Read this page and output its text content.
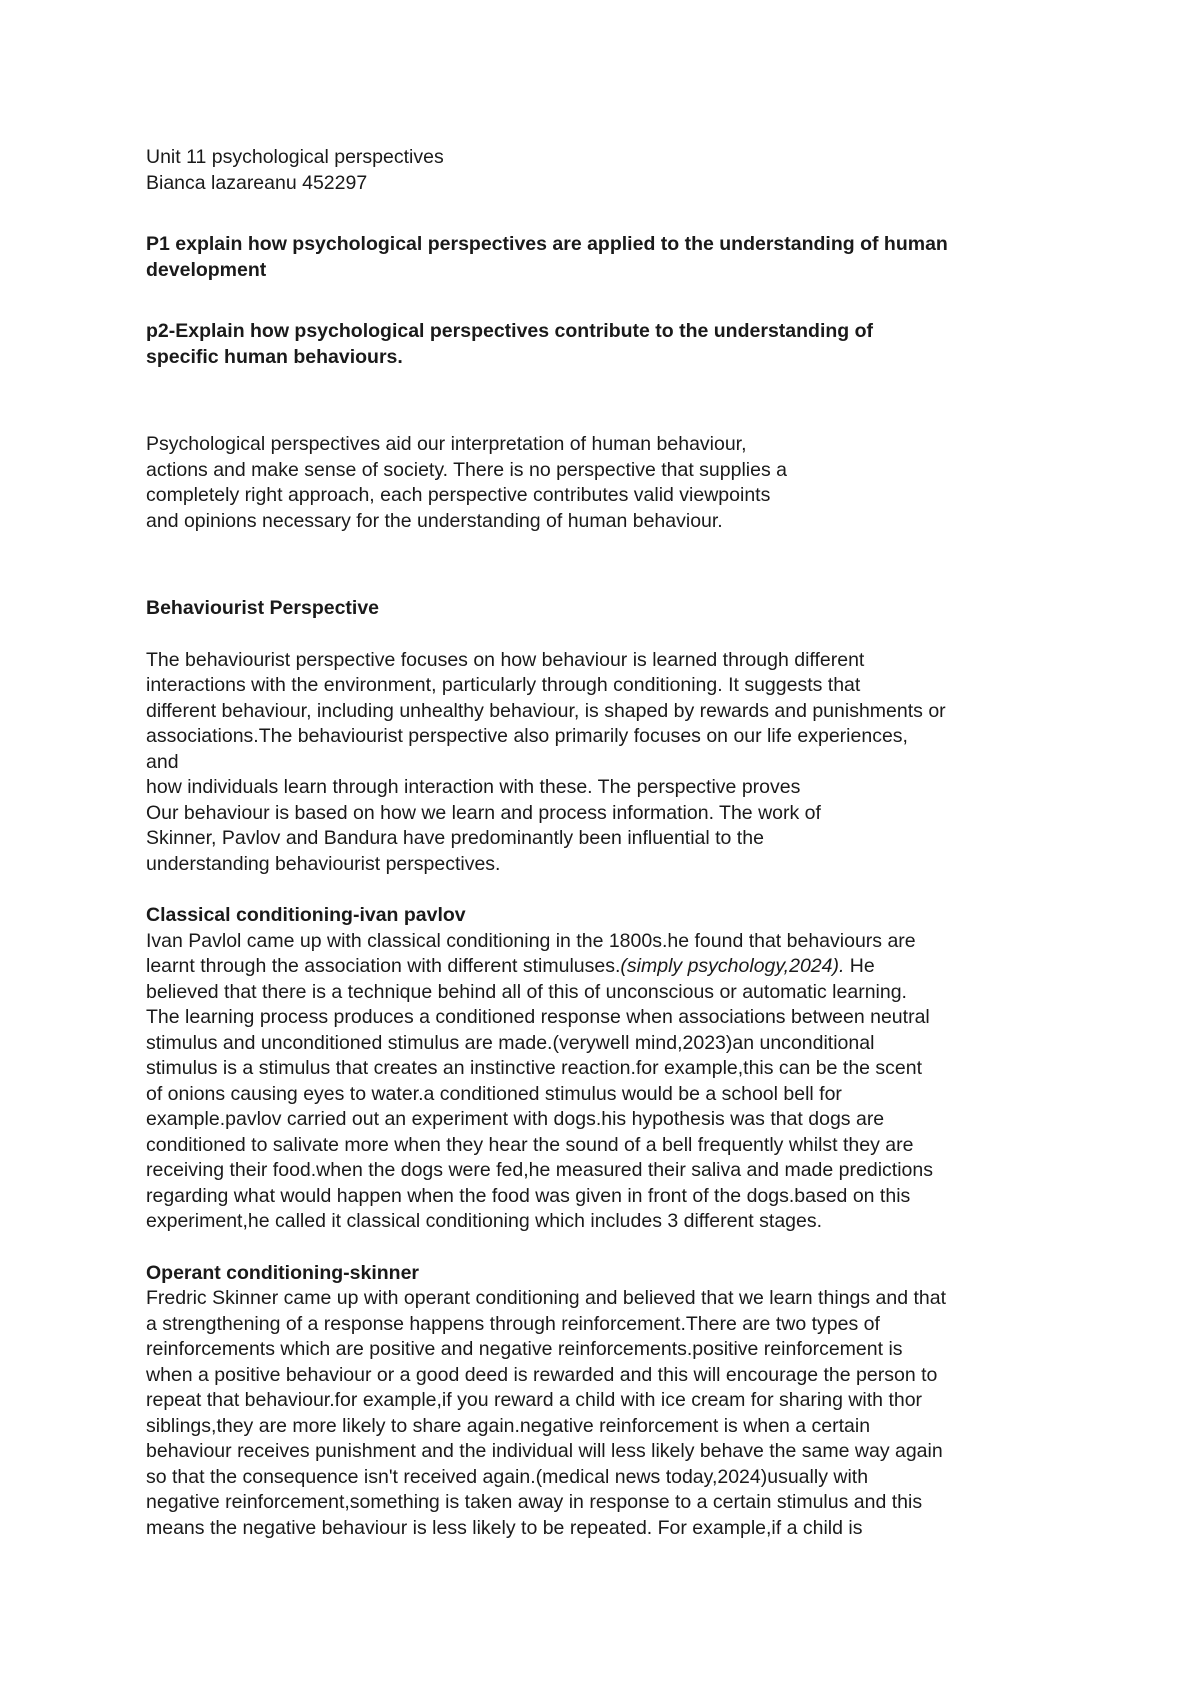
Unit 11 psychological perspectives
Bianca lazareanu 452297
P1 explain how psychological perspectives are applied to the understanding of human
development
p2-Explain how psychological perspectives contribute to the understanding of
specific human behaviours.
Psychological perspectives aid our interpretation of human behaviour,
actions and make sense of society. There is no perspective that supplies a
completely right approach, each perspective contributes valid viewpoints
and opinions necessary for the understanding of human behaviour.
Behaviourist Perspective
The behaviourist perspective focuses on how behaviour is learned through different
interactions with the environment, particularly through conditioning. It suggests that
different behaviour, including unhealthy behaviour, is shaped by rewards and punishments or
associations.The behaviourist perspective also primarily focuses on our life experiences,
and
how individuals learn through interaction with these. The perspective proves
Our behaviour is based on how we learn and process information. The work of
Skinner, Pavlov and Bandura have predominantly been influential to the
understanding behaviourist perspectives.
Classical conditioning-ivan pavlov
Ivan Pavlol came up with classical conditioning in the 1800s.he found that behaviours are
learnt through the association with different stimuluses.(simply psychology,2024). He
believed that there is a technique behind all of this of unconscious or automatic learning.
The learning process produces a conditioned response when associations between neutral
stimulus and unconditioned stimulus are made.(verywell mind,2023)an unconditional
stimulus is a stimulus that creates an instinctive reaction.for example,this can be the scent
of onions causing eyes to water.a conditioned stimulus would be a school bell for
example.pavlov carried out an experiment with dogs.his hypothesis was that dogs are
conditioned to salivate more when they hear the sound of a bell frequently whilst they are
receiving their food.when the dogs were fed,he measured their saliva and made predictions
regarding what would happen when the food was given in front of the dogs.based on this
experiment,he called it classical conditioning which includes 3 different stages.
Operant conditioning-skinner
Fredric Skinner came up with operant conditioning and believed that we learn things and that
a strengthening of a response happens through reinforcement.There are two types of
reinforcements which are positive and negative reinforcements.positive reinforcement is
when a positive behaviour or a good deed is rewarded and this will encourage the person to
repeat that behaviour.for example,if you reward a child with ice cream for sharing with thor
siblings,they are more likely to share again.negative reinforcement is when a certain
behaviour receives punishment and the individual will less likely behave the same way again
so that the consequence isn't received again.(medical news today,2024)usually with
negative reinforcement,something is taken away in response to a certain stimulus and this
means the negative behaviour is less likely to be repeated. For example,if a child is
